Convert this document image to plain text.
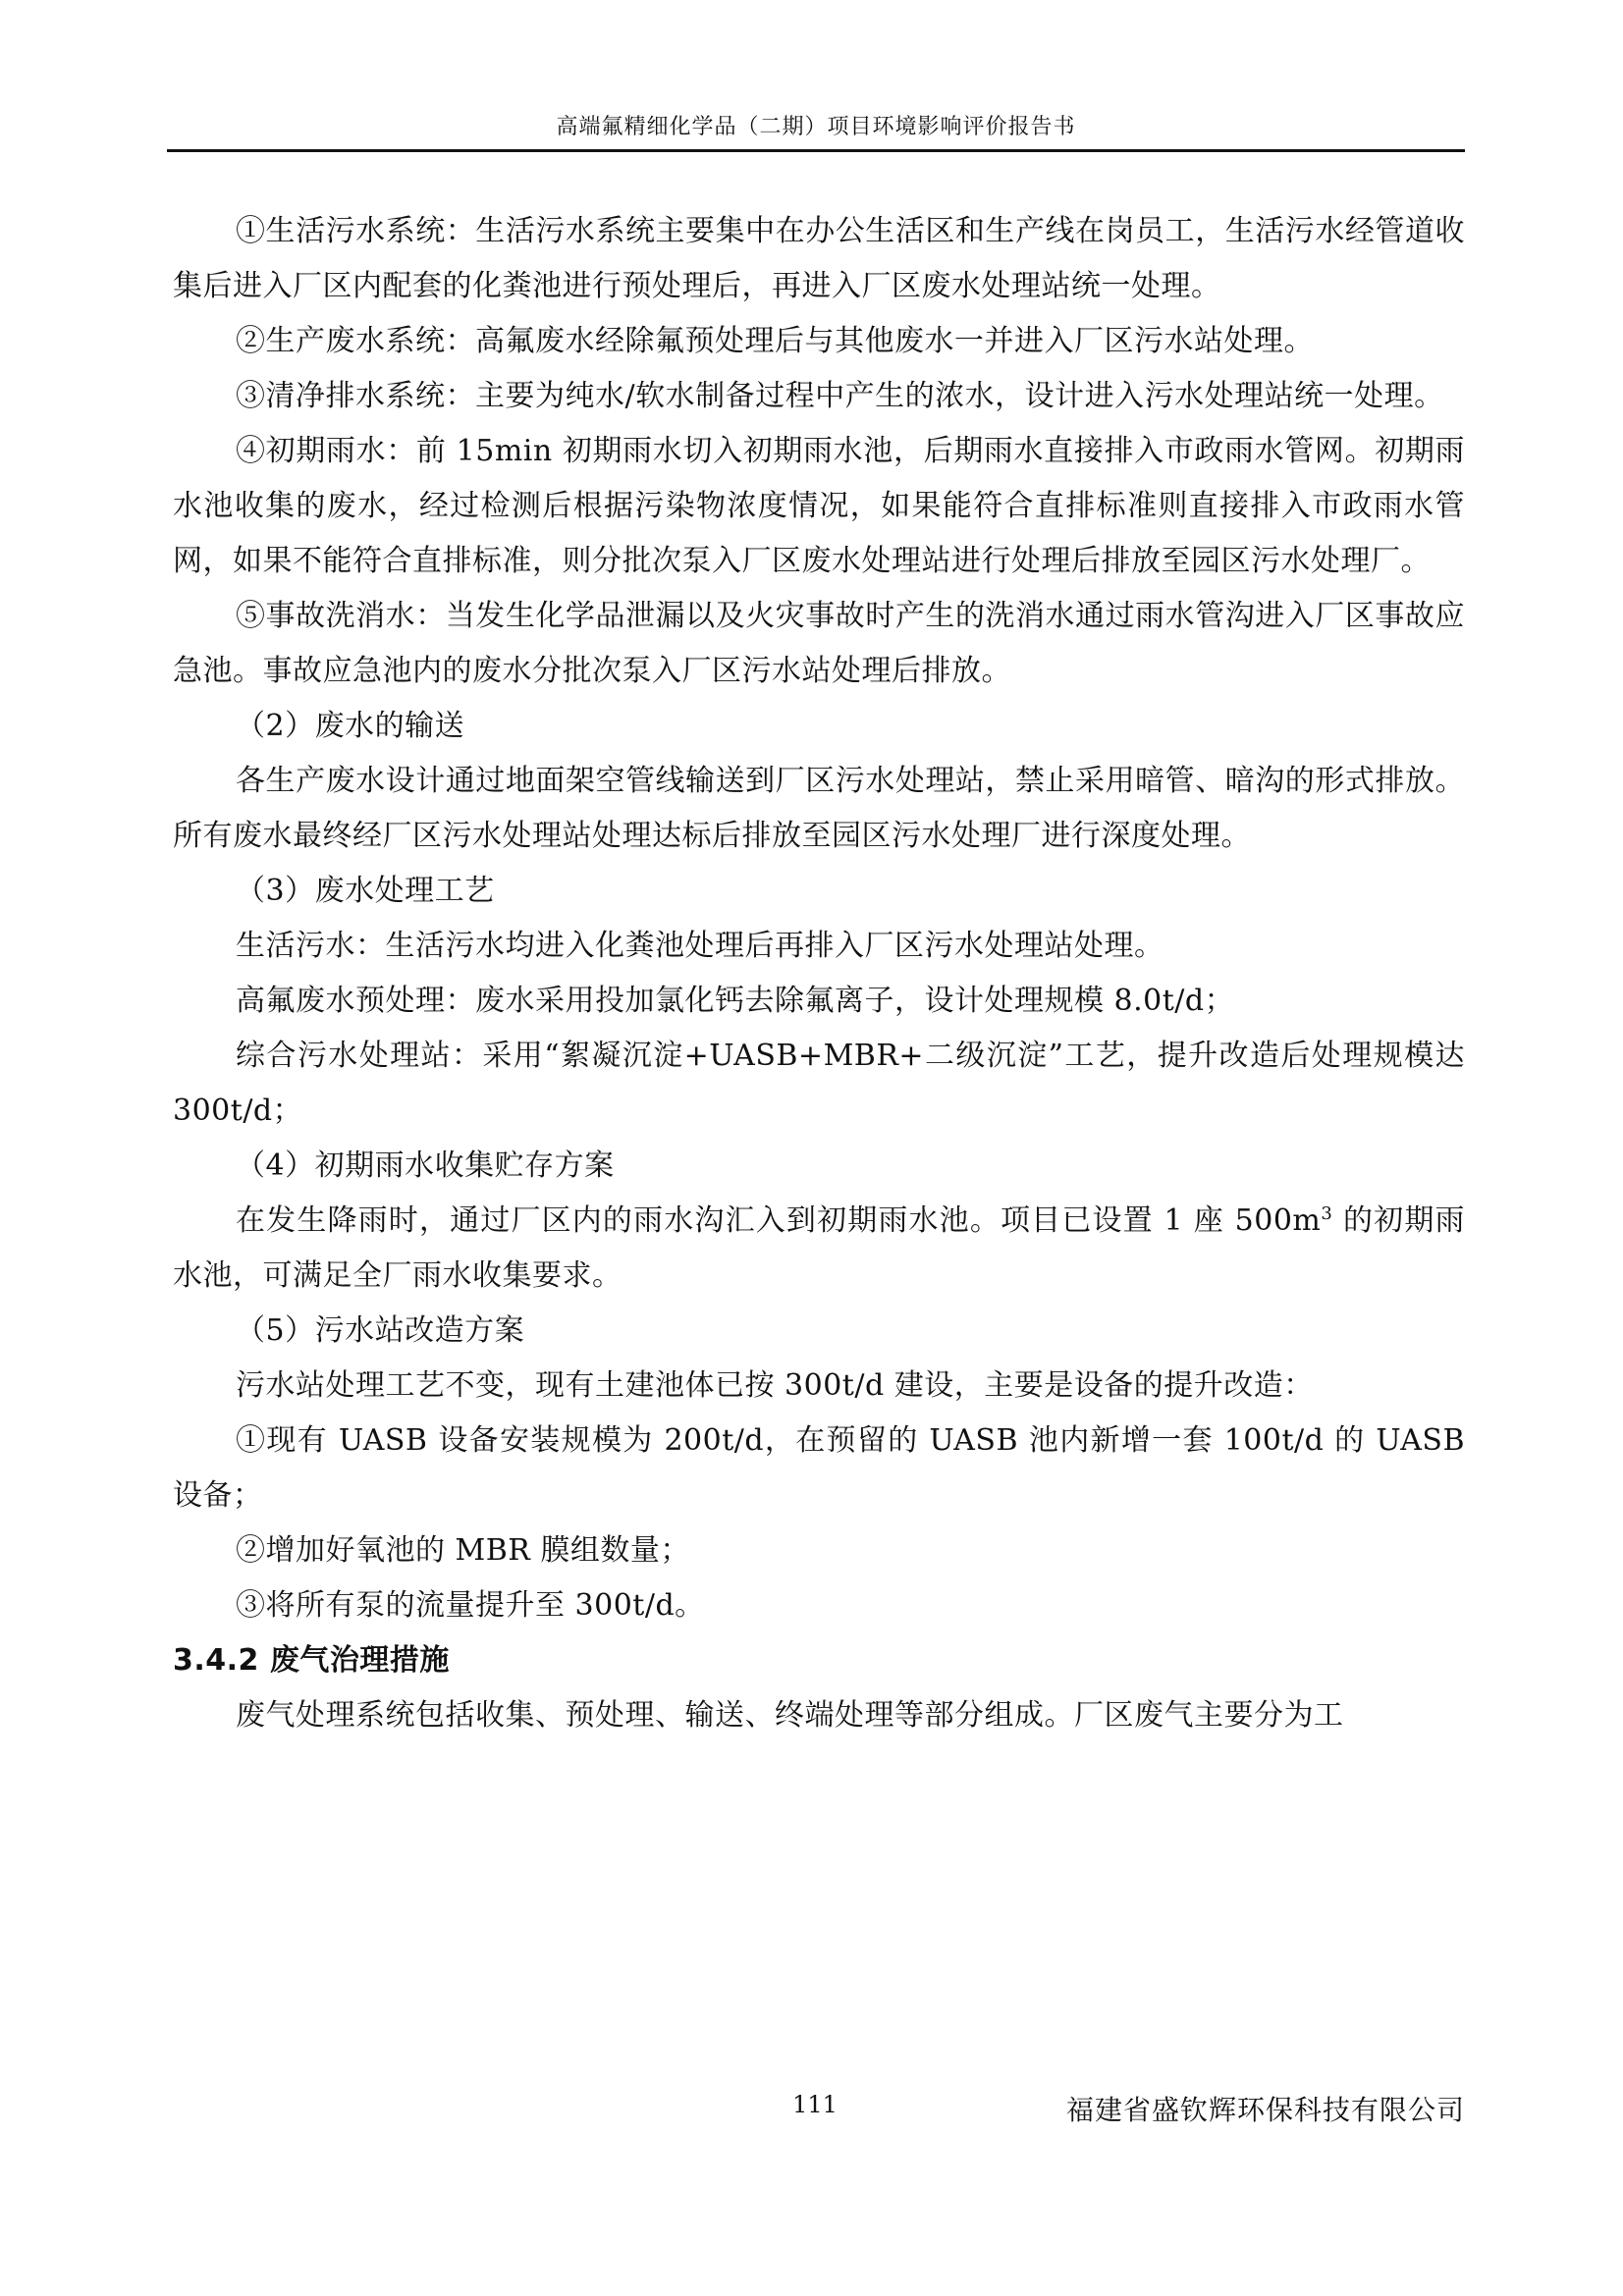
高端氟精细化学品（二期）项目环境影响评价报告书

①生活污水系统：生活污水系统主要集中在办公生活区和生产线在岗员工，生活污水经管道收集后进入厂区内配套的化粪池进行预处理后，再进入厂区废水处理站统一处理。

②生产废水系统：高氟废水经除氟预处理后与其他废水一并进入厂区污水站处理。

③清净排水系统：主要为纯水/软水制备过程中产生的浓水，设计进入污水处理站统一处理。

④初期雨水：前 15min 初期雨水切入初期雨水池，后期雨水直接排入市政雨水管网。初期雨水池收集的废水，经过检测后根据污染物浓度情况，如果能符合直排标准则直接排入市政雨水管网，如果不能符合直排标准，则分批次泵入厂区废水处理站进行处理后排放至园区污水处理厂。

⑤事故洗消水：当发生化学品泄漏以及火灾事故时产生的洗消水通过雨水管沟进入厂区事故应急池。事故应急池内的废水分批次泵入厂区污水站处理后排放。

（2）废水的输送

各生产废水设计通过地面架空管线输送到厂区污水处理站，禁止采用暗管、暗沟的形式排放。所有废水最终经厂区污水处理站处理达标后排放至园区污水处理厂进行深度处理。

（3）废水处理工艺

生活污水：生活污水均进入化粪池处理后再排入厂区污水处理站处理。

高氟废水预处理：废水采用投加氯化钙去除氟离子，设计处理规模 8.0t/d；

综合污水处理站：采用“絮凝沉淀+UASB+MBR+二级沉淀”工艺，提升改造后处理规模达 300t/d；

（4）初期雨水收集贮存方案

在发生降雨时，通过厂区内的雨水沟汇入到初期雨水池。项目已设置 1 座 $500m^3$ 的初期雨水池，可满足全厂雨水收集要求。

（5）污水站改造方案

污水站处理工艺不变，现有土建池体已按 300t/d 建设，主要是设备的提升改造：

①现有 UASB 设备安装规模为 200t/d，在预留的 UASB 池内新增一套 100t/d 的 UASB 设备；

②增加好氧池的 MBR 膜组数量；

③将所有泵的流量提升至 300t/d。

3.4.2 废气治理措施

废气处理系统包括收集、预处理、输送、终端处理等部分组成。厂区废气主要分为工

111	福建省盛钦辉环保科技有限公司
